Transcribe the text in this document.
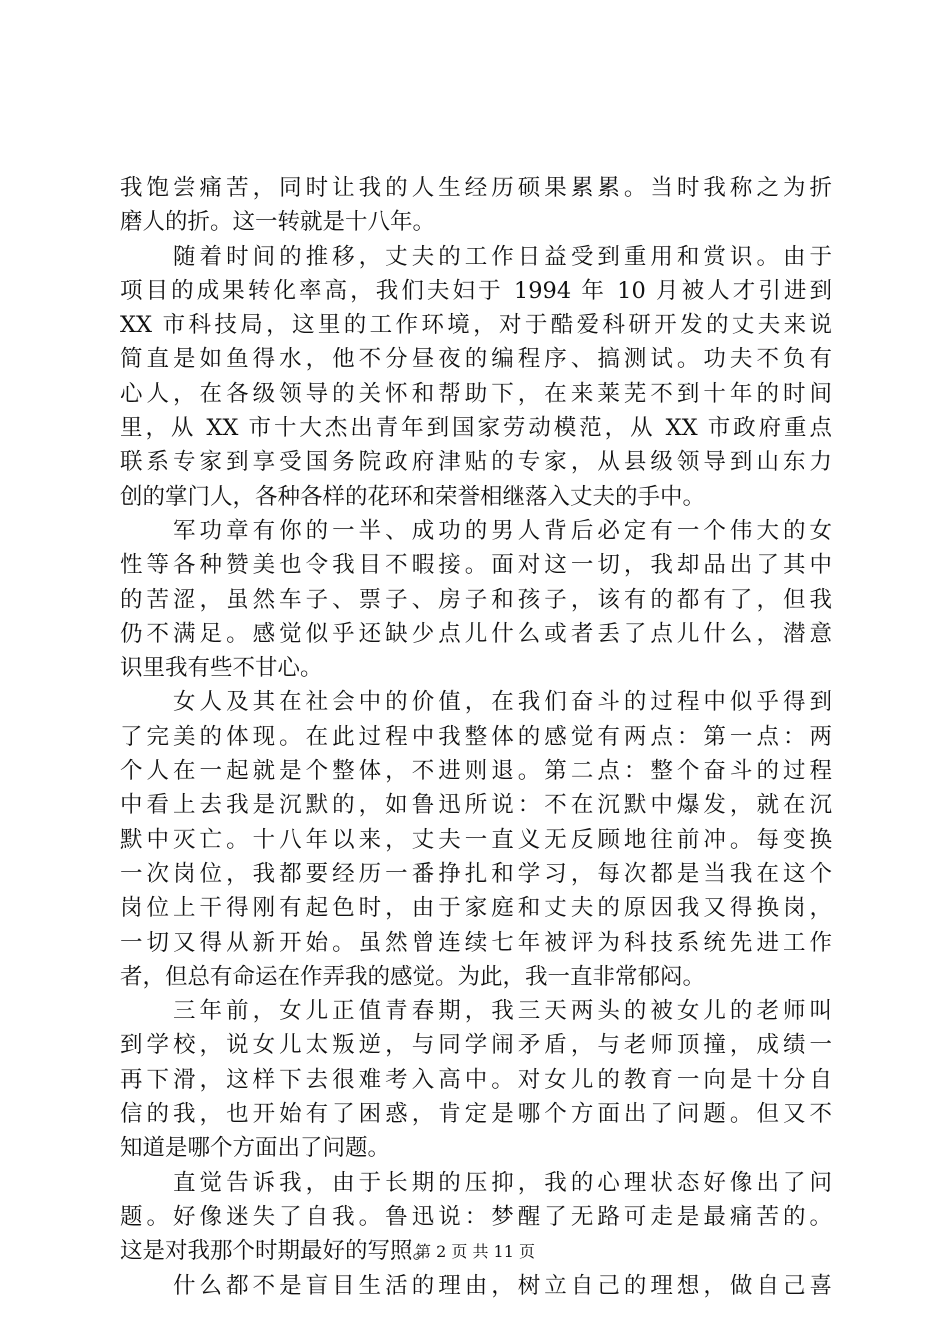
我饱尝痛苦，同时让我的人生经历硕果累累。当时我称之为折
磨人的折。这一转就是十八年。
　　随着时间的推移，丈夫的工作日益受到重用和赏识。由于
项目的成果转化率高，我们夫妇于 1994 年 10 月被人才引进到
XX 市科技局，这里的工作环境，对于酷爱科研开发的丈夫来说
简直是如鱼得水，他不分昼夜的编程序、搞测试。功夫不负有
心人，在各级领导的关怀和帮助下，在来莱芜不到十年的时间
里，从 XX 市十大杰出青年到国家劳动模范，从 XX 市政府重点
联系专家到享受国务院政府津贴的专家，从县级领导到山东力
创的掌门人，各种各样的花环和荣誉相继落入丈夫的手中。
　　军功章有你的一半、成功的男人背后必定有一个伟大的女
性等各种赞美也令我目不暇接。面对这一切，我却品出了其中
的苦涩，虽然车子、票子、房子和孩子，该有的都有了，但我
仍不满足。感觉似乎还缺少点儿什么或者丢了点儿什么，潜意
识里我有些不甘心。
　　女人及其在社会中的价值，在我们奋斗的过程中似乎得到
了完美的体现。在此过程中我整体的感觉有两点：第一点：两
个人在一起就是个整体，不进则退。第二点：整个奋斗的过程
中看上去我是沉默的，如鲁迅所说：不在沉默中爆发，就在沉
默中灭亡。十八年以来，丈夫一直义无反顾地往前冲。每变换
一次岗位，我都要经历一番挣扎和学习，每次都是当我在这个
岗位上干得刚有起色时，由于家庭和丈夫的原因我又得换岗，
一切又得从新开始。虽然曾连续七年被评为科技系统先进工作
者，但总有命运在作弄我的感觉。为此，我一直非常郁闷。
　　三年前，女儿正值青春期，我三天两头的被女儿的老师叫
到学校，说女儿太叛逆，与同学闹矛盾，与老师顶撞，成绩一
再下滑，这样下去很难考入高中。对女儿的教育一向是十分自
信的我，也开始有了困惑，肯定是哪个方面出了问题。但又不
知道是哪个方面出了问题。
　　直觉告诉我，由于长期的压抑，我的心理状态好像出了问
题。好像迷失了自我。鲁迅说：梦醒了无路可走是最痛苦的。
这是对我那个时期最好的写照。
　　什么都不是盲目生活的理由，树立自己的理想，做自己喜
第 2 页 共 11 页
